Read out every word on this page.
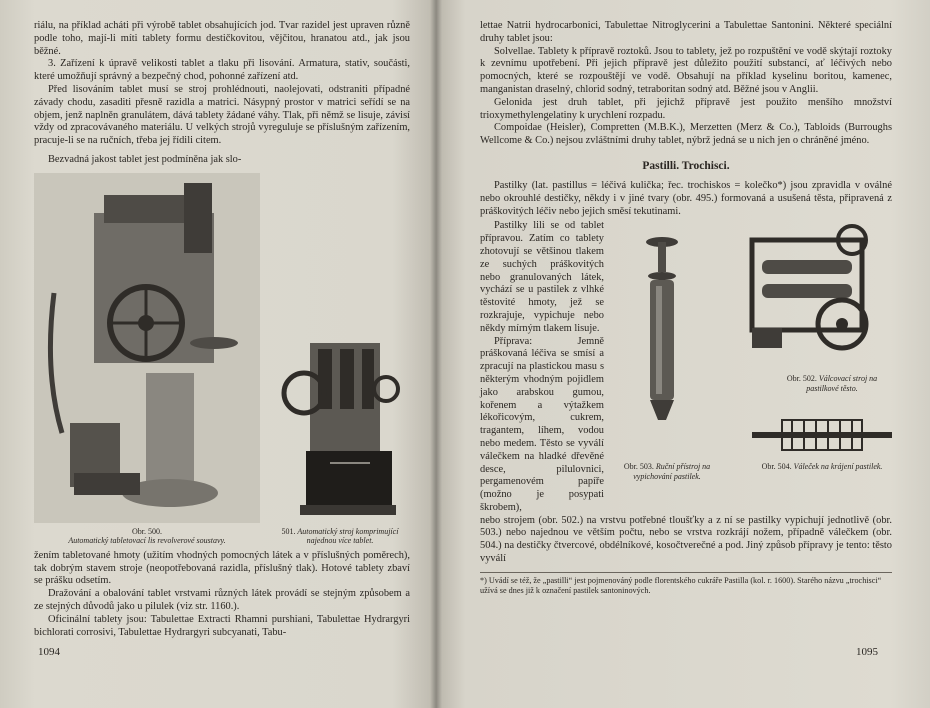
riálu, na příklad acháti při výrobě tablet obsahujících jod. Tvar razidel jest upraven různě podle toho, mají-li míti tablety formu destičkovitou, vějčitou, hranatou atd., jak jsou běžné.

3. Zařízení k úpravě velikosti tablet a tlaku při lisování. Armatura, stativ, součásti, které umožňují správný a bezpečný chod, pohonné zařízení atd.

Před lisováním tablet musí se stroj prohlédnouti, naolejovati, odstraniti případné závady chodu, zasaditi přesně razidla a matrici. Násypný prostor v matrici seřídí se na objem, jenž naplněn granulátem, dává tablety žádané váhy. Tlak, při němž se lisuje, závisí vždy od zpracovávaného materiálu. U velkých strojů vyreguluje se příslušným zařízením, pracuje-li se na ručních, třeba jej řídili citem.

Bezvadná jakost tablet jest podmíněna jak slo-

Obr. 500.
Automatický tabletovací lis revolverové soustavy.
501. Automatický stroj komprimující najednou více tablet.

žením tabletované hmoty (užitím vhodných pomocných látek a v příslušných poměrech), tak dobrým stavem stroje (neopotřebovaná razidla, příslušný tlak). Hotové tablety zbaví se prášku odsetím.

Dražování a obalování tablet vrstvami různých látek provádí se stejným způsobem a ze stejných důvodů jako u pilulek (viz str. 1160.).

Oficinální tablety jsou: Tabulettae Extracti Rhamni purshiani, Tabulettae Hydrargyri bichlorati corrosivi, Tabulettae Hydrargyri subcyanati, Tabu-

1094

lettae Natrii hydrocarbonici, Tabulettae Nitroglycerini a Tabulettae Santonini. Některé speciální druhy tablet jsou:

Solvellae. Tablety k přípravě roztoků. Jsou to tablety, jež po rozpuštění ve vodě skýtají roztoky k zevnímu upotřebení. Při jejich přípravě jest důležito použití substancí, ať léčivých nebo pomocných, které se rozpouštějí ve vodě. Obsahují na příklad kyselinu boritou, kamenec, manganistan draselný, chlorid sodný, tetraboritan sodný atd. Běžné jsou v Anglii.

Gelonida jest druh tablet, při jejichž přípravě jest použito menšího množství trioxymethylengelatiny k urychlení rozpadu.

Compoidae (Heisler), Compretten (M.B.K.), Merzetten (Merz & Co.), Tabloids (Burroughs Wellcome & Co.) nejsou zvláštními druhy tablet, nýbrž jedná se u nich jen o chráněné jméno.

Pastilli. Trochisci.

Pastilky (lat. pastillus = léčivá kulička; řec. trochiskos = kolečko*) jsou zpravidla v oválné nebo okrouhlé destičky, někdy i v jiné tvary (obr. 495.) formovaná a usušená těsta, připravená z práškovitých léčiv nebo jejich směsí tekutinami.

Pastilky lili se od tablet přípravou. Zatím co tablety zhotovují se většinou tlakem ze suchých práškovitých nebo granulovaných látek, vychází se u pastilek z vlhké těstovité hmoty, jež se rozkrajuje, vypichuje nebo někdy mírným tlakem lisuje.

Příprava: Jemně práškovaná léčiva se smísí a zpracují na plastickou masu s některým vhodným pojidlem jako arabskou gumou, kořenem a výtažkem lékořicovým, cukrem, tragantem, líhem, vodou nebo medem. Těsto se vyválí válečkem na hladké dřevěné desce, pilulovnici, pergamenovém papíře (možno je posypati škrobem),

Obr. 502. Válcovací stroj na pastilkové těsto.
Obr. 503. Ruční přístroj na vypichování pastilek.
Obr. 504. Váleček na krájení pastilek.

nebo strojem (obr. 502.) na vrstvu potřebné tloušťky a z ní se pastilky vypichují jednotlivě (obr. 503.) nebo najednou ve větším počtu, nebo se vrstva rozkrájí nožem, případně válečkem (obr. 504.) na destičky čtvercové, obdélníkové, kosočtverečné a pod. Jiný způsob přípravy je tento: těsto vyválí

*) Uvádí se též, že „pastilli“ jest pojmenováný podle florentského cukráře Pastilla (kol. r. 1600). Starého názvu „trochisci“ užívá se dnes již k označení pastilek santoninových.
1095
